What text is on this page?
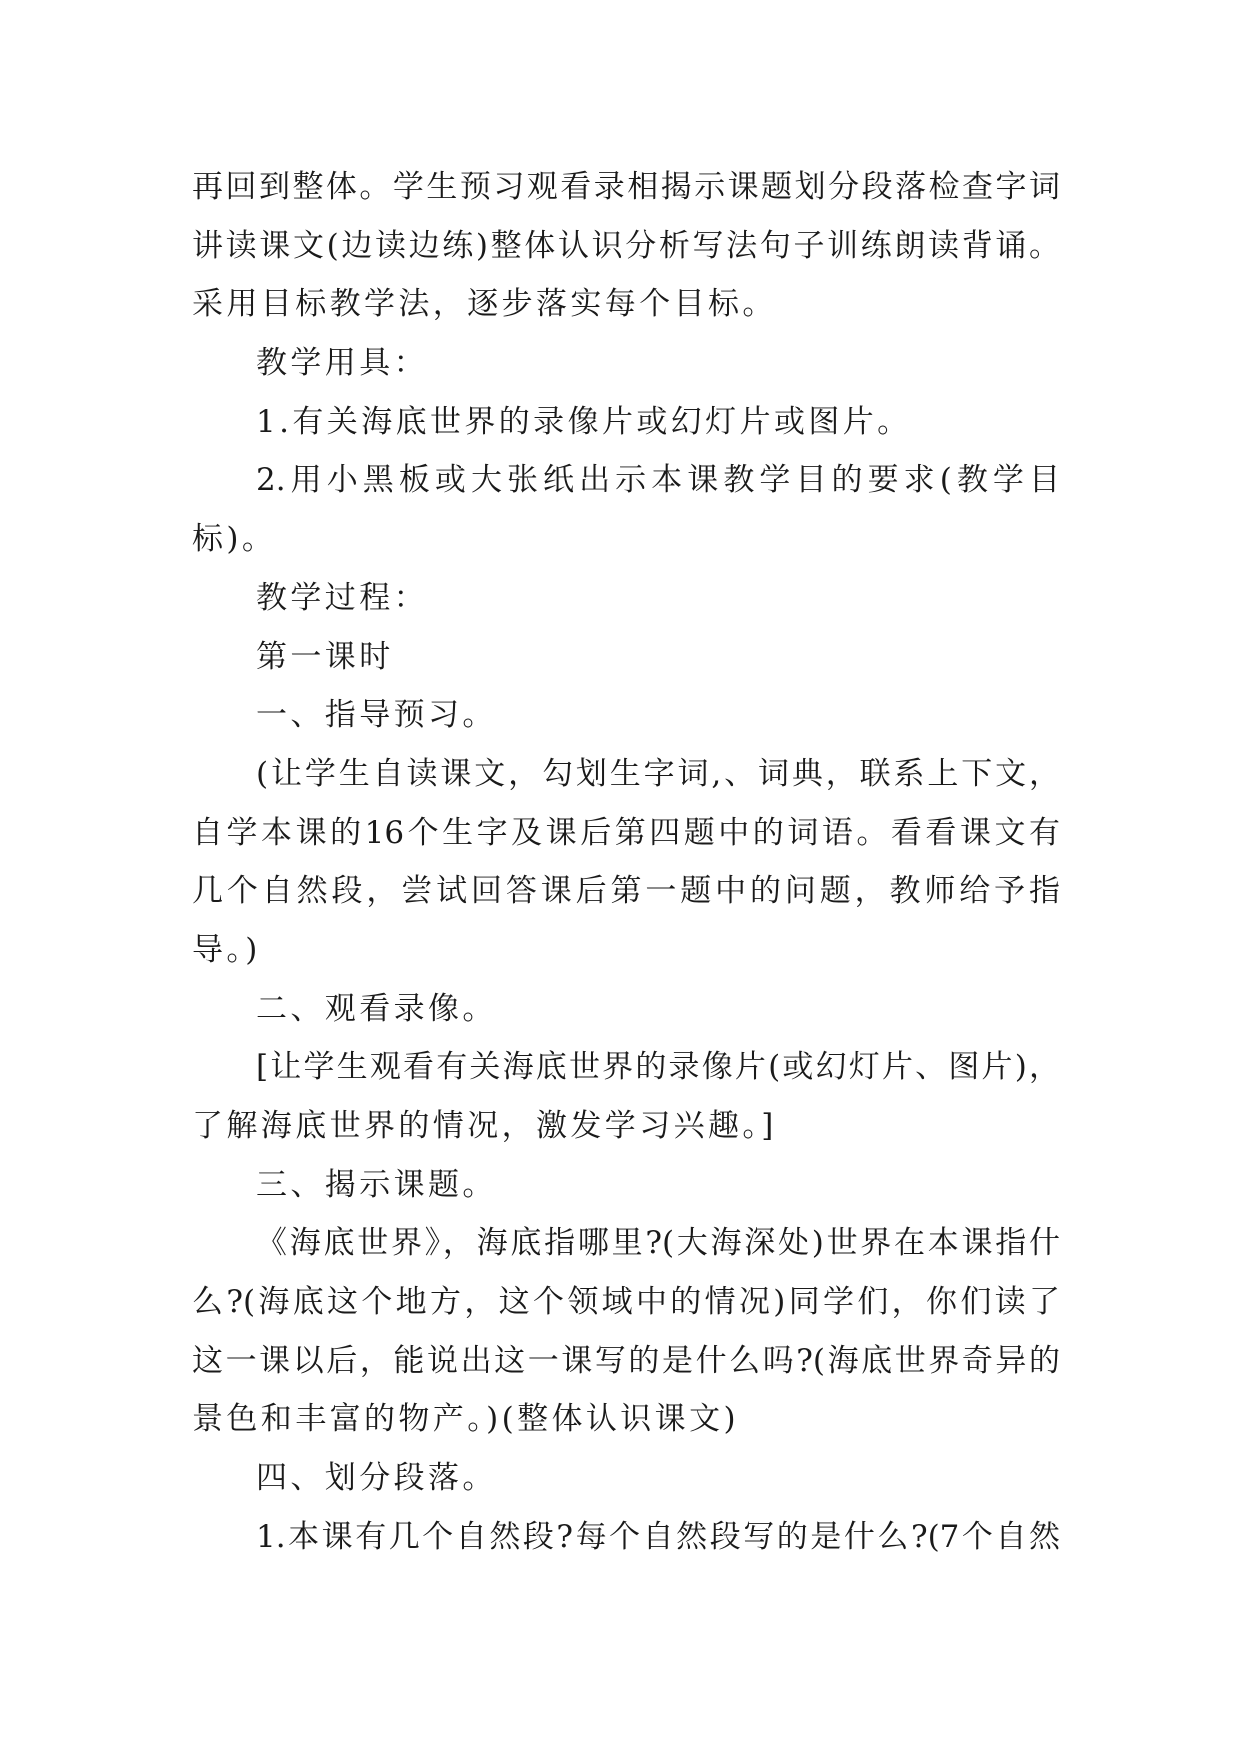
再回到整体。学生预习观看录相揭示课题划分段落检查字词
讲读课文(边读边练)整体认识分析写法句子训练朗读背诵。
采用目标教学法，逐步落实每个目标。
教学用具：
1.有关海底世界的录像片或幻灯片或图片。
2.用小黑板或大张纸出示本课教学目的要求(教学目
标)。
教学过程：
第一课时
一、指导预习。
(让学生自读课文，勾划生字词,、词典，联系上下文，
自学本课的16个生字及课后第四题中的词语。看看课文有
几个自然段，尝试回答课后第一题中的问题，教师给予指
导。)
二、观看录像。
[让学生观看有关海底世界的录像片(或幻灯片、图片)，
了解海底世界的情况，激发学习兴趣。]
三、揭示课题。
《海底世界》，海底指哪里?(大海深处)世界在本课指什
么?(海底这个地方，这个领域中的情况)同学们，你们读了
这一课以后，能说出这一课写的是什么吗?(海底世界奇异的
景色和丰富的物产。)(整体认识课文)
四、划分段落。
1.本课有几个自然段?每个自然段写的是什么?(7个自然
